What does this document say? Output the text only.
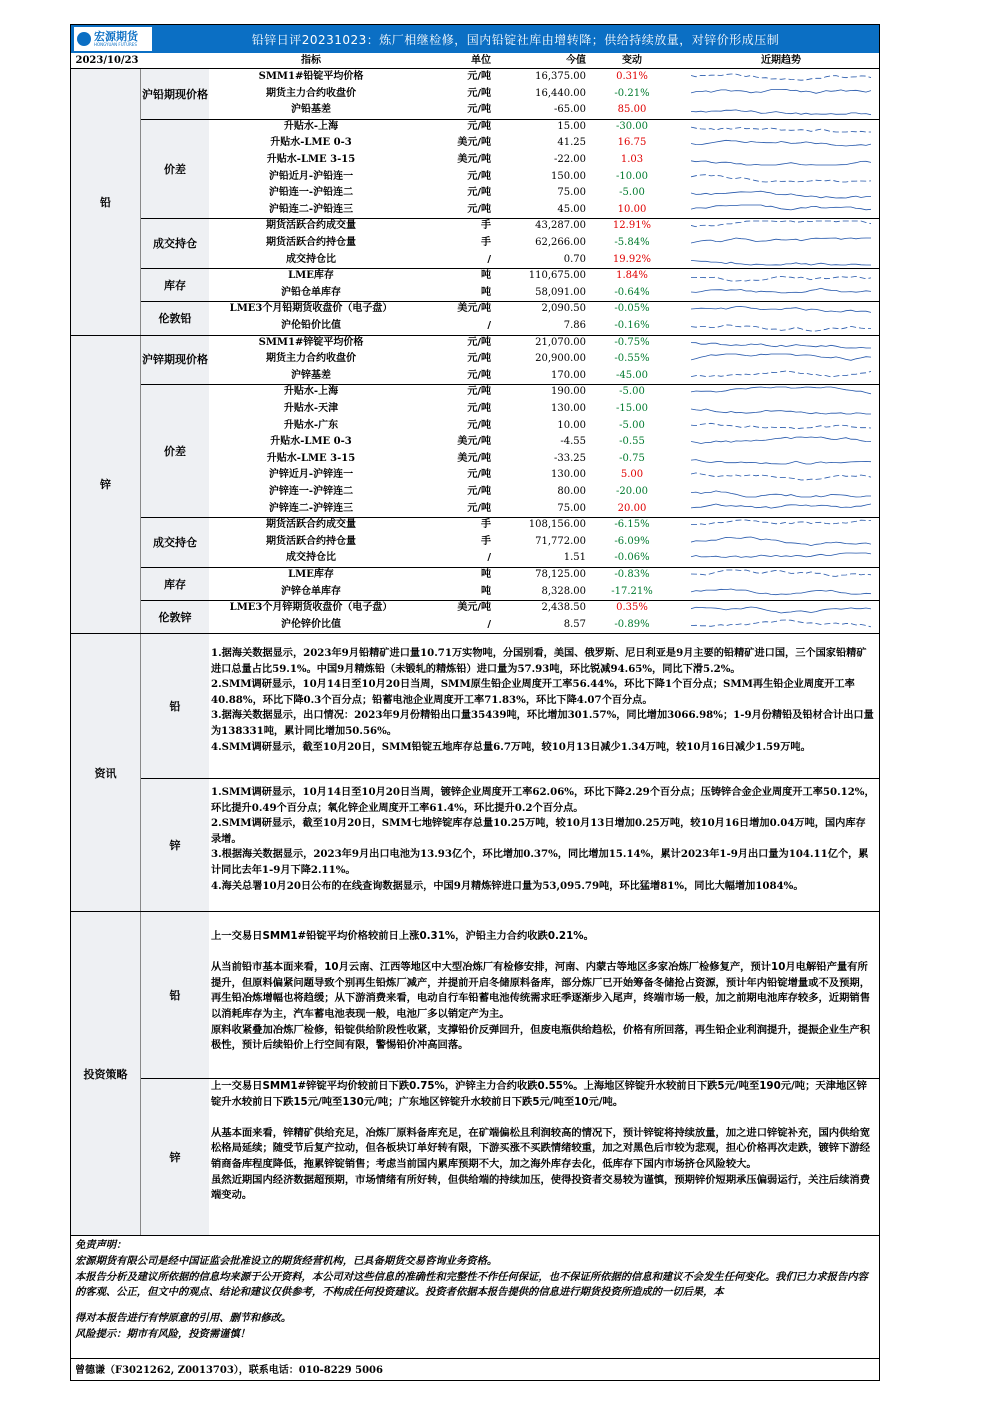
宏源期货
HONGYUAN FUTURES	铅锌日评20231023：炼厂相继检修，国内铅锭社库由增转降；供给持续放量，对锌价形成压制
2023/10/23	指标	单位	今值	变动	近期趋势
铅
锌
沪铅期现价格
价差
成交持仓
库存
伦敦铅
沪锌期现价格
价差
成交持仓
库存
伦敦锌
SMM1#铅锭平均价格	元/吨	16,375.00	0.31%
期货主力合约收盘价	元/吨	16,440.00	-0.21%
沪铅基差	元/吨	-65.00	85.00
升贴水-上海	元/吨	15.00	-30.00
升贴水-LME 0-3	美元/吨	41.25	16.75
升贴水-LME 3-15	美元/吨	-22.00	1.03
沪铅近月-沪铅连一	元/吨	150.00	-10.00
沪铅连一-沪铅连二	元/吨	75.00	-5.00
沪铅连二-沪铅连三	元/吨	45.00	10.00
期货活跃合约成交量	手	43,287.00	12.91%
期货活跃合约持仓量	手	62,266.00	-5.84%
成交持仓比	/	0.70	19.92%
LME库存	吨	110,675.00	1.84%
沪铅仓单库存	吨	58,091.00	-0.64%
LME3个月铅期货收盘价（电子盘）	美元/吨	2,090.50	-0.05%
沪伦铅价比值	/	7.86	-0.16%
SMM1#锌锭平均价格	元/吨	21,070.00	-0.75%
期货主力合约收盘价	元/吨	20,900.00	-0.55%
沪锌基差	元/吨	170.00	-45.00
升贴水-上海	元/吨	190.00	-5.00
升贴水-天津	元/吨	130.00	-15.00
升贴水-广东	元/吨	10.00	-5.00
升贴水-LME 0-3	美元/吨	-4.55	-0.55
升贴水-LME 3-15	美元/吨	-33.25	-0.75
沪锌近月-沪锌连一	元/吨	130.00	5.00
沪锌连一-沪锌连二	元/吨	80.00	-20.00
沪锌连二-沪锌连三	元/吨	75.00	20.00
期货活跃合约成交量	手	108,156.00	-6.15%
期货活跃合约持仓量	手	71,772.00	-6.09%
成交持仓比	/	1.51	-0.06%
LME库存	吨	78,125.00	-0.83%
沪锌仓单库存	吨	8,328.00	-17.21%
LME3个月锌期货收盘价（电子盘）	美元/吨	2,438.50	0.35%
沪伦锌价比值	/	8.57	-0.89%
资讯
铅

1.据海关数据显示，2023年9月铅精矿进口量10.71万实物吨，分国别看，美国、俄罗斯、尼日利亚是9月主要的铅精矿进口国，三个国家铅精矿进口总量占比59.1%。中国9月精炼铅（未锻轧的精炼铅）进口量为57.93吨，环比锐减94.65%，同比下滑5.2%。

2.SMM调研显示，10月14日至10月20日当周，SMM原生铅企业周度开工率56.44%，环比下降1个百分点；SMM再生铅企业周度开工率40.88%，环比下降0.3个百分点；铅蓄电池企业周度开工率71.83%，环比下降4.07个百分点。

3.据海关数据显示，出口情况：2023年9月份精铅出口量35439吨，环比增加301.57%，同比增加3066.98%；1-9月份精铅及铅材合计出口量为138331吨，累计同比增加50.56%。

4.SMM调研显示，截至10月20日，SMM铅锭五地库存总量6.7万吨，较10月13日减少1.34万吨，较10月16日减少1.59万吨。

锌

1.SMM调研显示，10月14日至10月20日当周，镀锌企业周度开工率62.06%，环比下降2.29个百分点；压铸锌合金企业周度开工率50.12%，环比提升0.49个百分点；氧化锌企业周度开工率61.4%，环比提升0.2个百分点。

2.SMM调研显示，截至10月20日，SMM七地锌锭库存总量10.25万吨，较10月13日增加0.25万吨，较10月16日增加0.04万吨，国内库存录增。

3.根据海关数据显示，2023年9月出口电池为13.93亿个，环比增加0.37%，同比增加15.14%，累计2023年1-9月出口量为104.11亿个，累计同比去年1-9月下降2.11%。

4.海关总署10月20日公布的在线查询数据显示，中国9月精炼锌进口量为53,095.79吨，环比猛增81%，同比大幅增加1084%。

投资策略
铅

上一交易日SMM1#铅锭平均价格较前日上涨0.31%，沪铅主力合约收跌0.21%。

从当前铅市基本面来看，10月云南、江西等地区中大型冶炼厂有检修安排，河南、内蒙古等地区多家冶炼厂检修复产，预计10月电解铅产量有所提升，但原料偏紧问题导致个别再生铅炼厂减产，并提前开启冬储原料备库，部分炼厂已开始筹备冬储抢占资源，预计年内铅锭增量或不及预期，再生铅冶炼增幅也将趋缓；从下游消费来看，电动自行车铅蓄电池传统需求旺季逐渐步入尾声，终端市场一般，加之前期电池库存较多，近期销售以消耗库存为主，汽车蓄电池表现一般，电池厂多以销定产为主。

原料收紧叠加冶炼厂检修，铅锭供给阶段性收紧，支撑铅价反弹回升，但废电瓶供给趋松，价格有所回落，再生铅企业利润提升，提振企业生产积极性，预计后续铅价上行空间有限，警惕铅价冲高回落。

锌

上一交易日SMM1#锌锭平均价较前日下跌0.75%，沪锌主力合约收跌0.55%。上海地区锌锭升水较前日下跌5元/吨至190元/吨；天津地区锌锭升水较前日下跌15元/吨至130元/吨；广东地区锌锭升水较前日下跌5元/吨至10元/吨。

从基本面来看，锌精矿供给充足，冶炼厂原料备库充足，在矿端偏松且利润较高的情况下，预计锌锭将持续放量，加之进口锌锭补充，国内供给宽松格局延续；随受节后复产拉动，但各板块订单好转有限，下游买涨不买跌情绪较重，加之对黑色后市较为悲观，担心价格再次走跌，镀锌下游经销商备库程度降低，拖累锌锭销售；考虑当前国内累库预期不大，加之海外库存去化，低库存下国内市场挤仓风险较大。

虽然近期国内经济数据超预期，市场情绪有所好转，但供给端的持续加压，使得投资者交易较为谨慎，预期锌价短期承压偏弱运行，关注后续消费端变动。

免责声明：

宏源期货有限公司是经中国证监会批准设立的期货经营机构，已具备期货交易咨询业务资格。

本报告分析及建议所依据的信息均来源于公开资料，本公司对这些信息的准确性和完整性不作任何保证，也不保证所依据的信息和建议不会发生任何变化。我们已力求报告内容的客观、公正，但文中的观点、结论和建议仅供参考，不构成任何投资建议。投资者依据本报告提供的信息进行期货投资所造成的一切后果，本

得对本报告进行有悖原意的引用、删节和修改。

风险提示：期市有风险，投资需谨慎！

曾德谦（F3021262, Z0013703），联系电话：010-8229 5006
